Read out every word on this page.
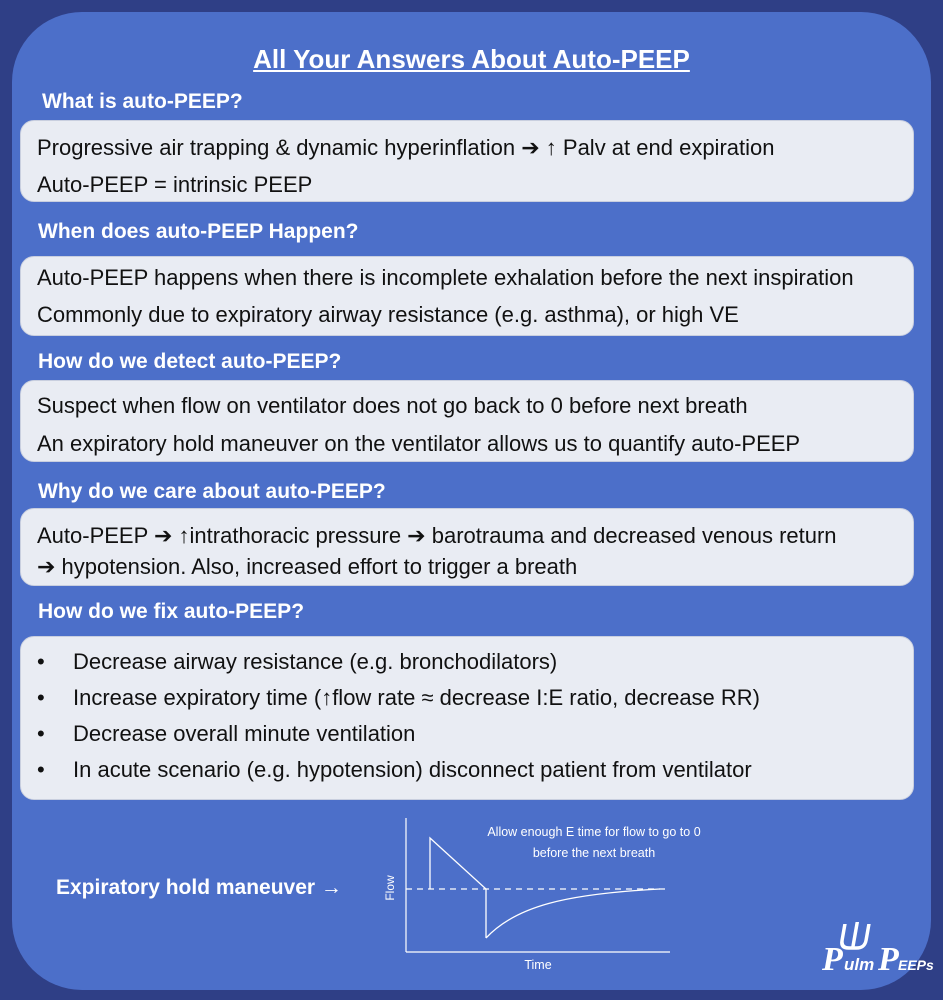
All Your Answers About Auto-PEEP
What is auto-PEEP?
Progressive air trapping & dynamic hyperinflation ➔ ↑ Palv at end expiration
Auto-PEEP = intrinsic PEEP
When does auto-PEEP Happen?
Auto-PEEP happens when there is incomplete exhalation before the next inspiration
Commonly due to expiratory airway resistance (e.g. asthma), or high VE
How do we detect auto-PEEP?
Suspect when flow on ventilator does not go back to 0 before next breath
An expiratory hold maneuver on the ventilator allows us to quantify auto-PEEP
Why do we care about auto-PEEP?
Auto-PEEP ➔ ↑intrathoracic pressure ➔ barotrauma and decreased venous return
➔ hypotension. Also, increased effort to trigger a breath
How do we fix auto-PEEP?
• Decrease airway resistance (e.g. bronchodilators)
• Increase expiratory time (↑flow rate ≈ decrease I:E ratio, decrease RR)
• Decrease overall minute ventilation
• In acute scenario (e.g. hypotension) disconnect patient from ventilator
Expiratory hold maneuver →
Allow enough E time for flow to go to 0
before the next breath
Flow
Time	P ulm P EEPs
